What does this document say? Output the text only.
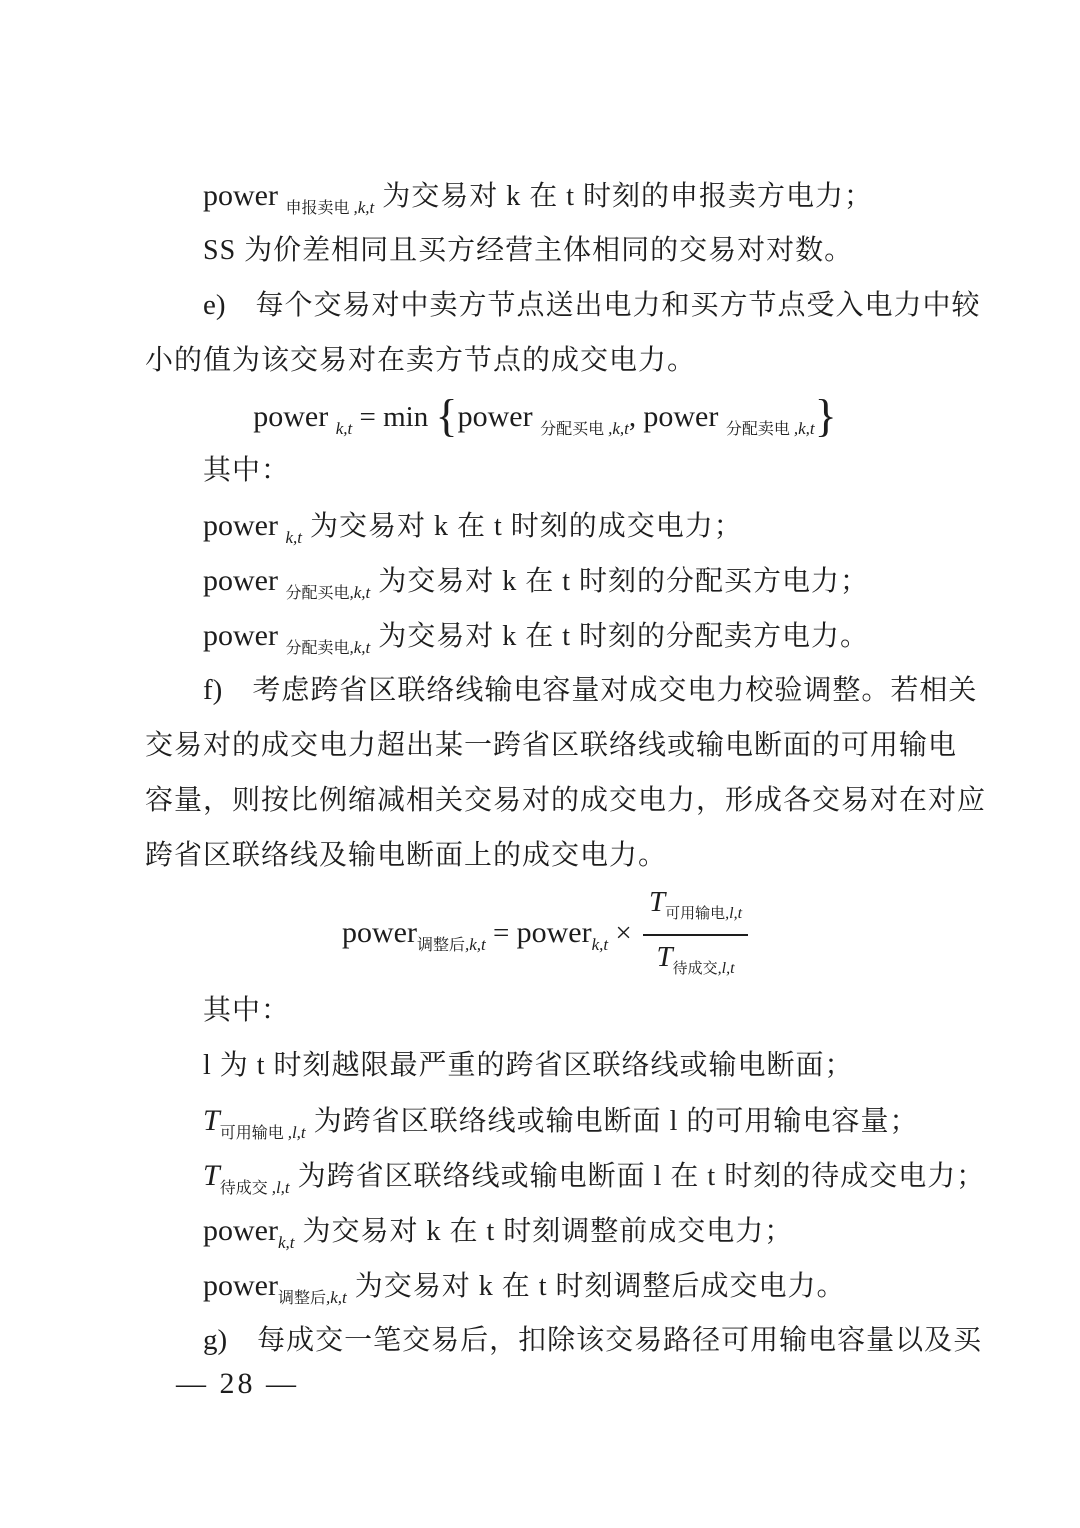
power $_{申报卖电}$ $_{,k,t}$ 为交易对 k 在 t 时刻的申报卖方电力；
SS 为价差相同且买方经营主体相同的交易对对数。
e) 每个交易对中卖方节点送出电力和买方节点受入电力中较
小的值为该交易对在卖方节点的成交电力。
power $_{k,t}$ = min {power $_{分配买电}$ $_{,k,t}$, power $_{分配卖电}$ $_{,k,t}$}
其中：
power $_{k,t}$ 为交易对 k 在 t 时刻的成交电力；
power $_{分配买电,k,t}$ 为交易对 k 在 t 时刻的分配买方电力；
power $_{分配卖电,k,t}$ 为交易对 k 在 t 时刻的分配卖方电力。
f) 考虑跨省区联络线输电容量对成交电力校验调整。若相关
交易对的成交电力超出某一跨省区联络线或输电断面的可用输电
容量，则按比例缩减相关交易对的成交电力，形成各交易对在对应
跨省区联络线及输电断面上的成交电力。
power$_{调整后,k,t}$ = power$_{k,t}$ × $\frac{T_{可用输电,l,t}}{T_{待成交,l,t}}$
其中：
l 为 t 时刻越限最严重的跨省区联络线或输电断面；
$T_{可用输电}$ $_{,l,t}$ 为跨省区联络线或输电断面 l 的可用输电容量；
$T_{待成交}$ $_{,l,t}$ 为跨省区联络线或输电断面 l 在 t 时刻的待成交电力；
power$_{k,t}$ 为交易对 k 在 t 时刻调整前成交电力；
power$_{调整后,k,t}$ 为交易对 k 在 t 时刻调整后成交电力。
g) 每成交一笔交易后，扣除该交易路径可用输电容量以及买
— 28 —
